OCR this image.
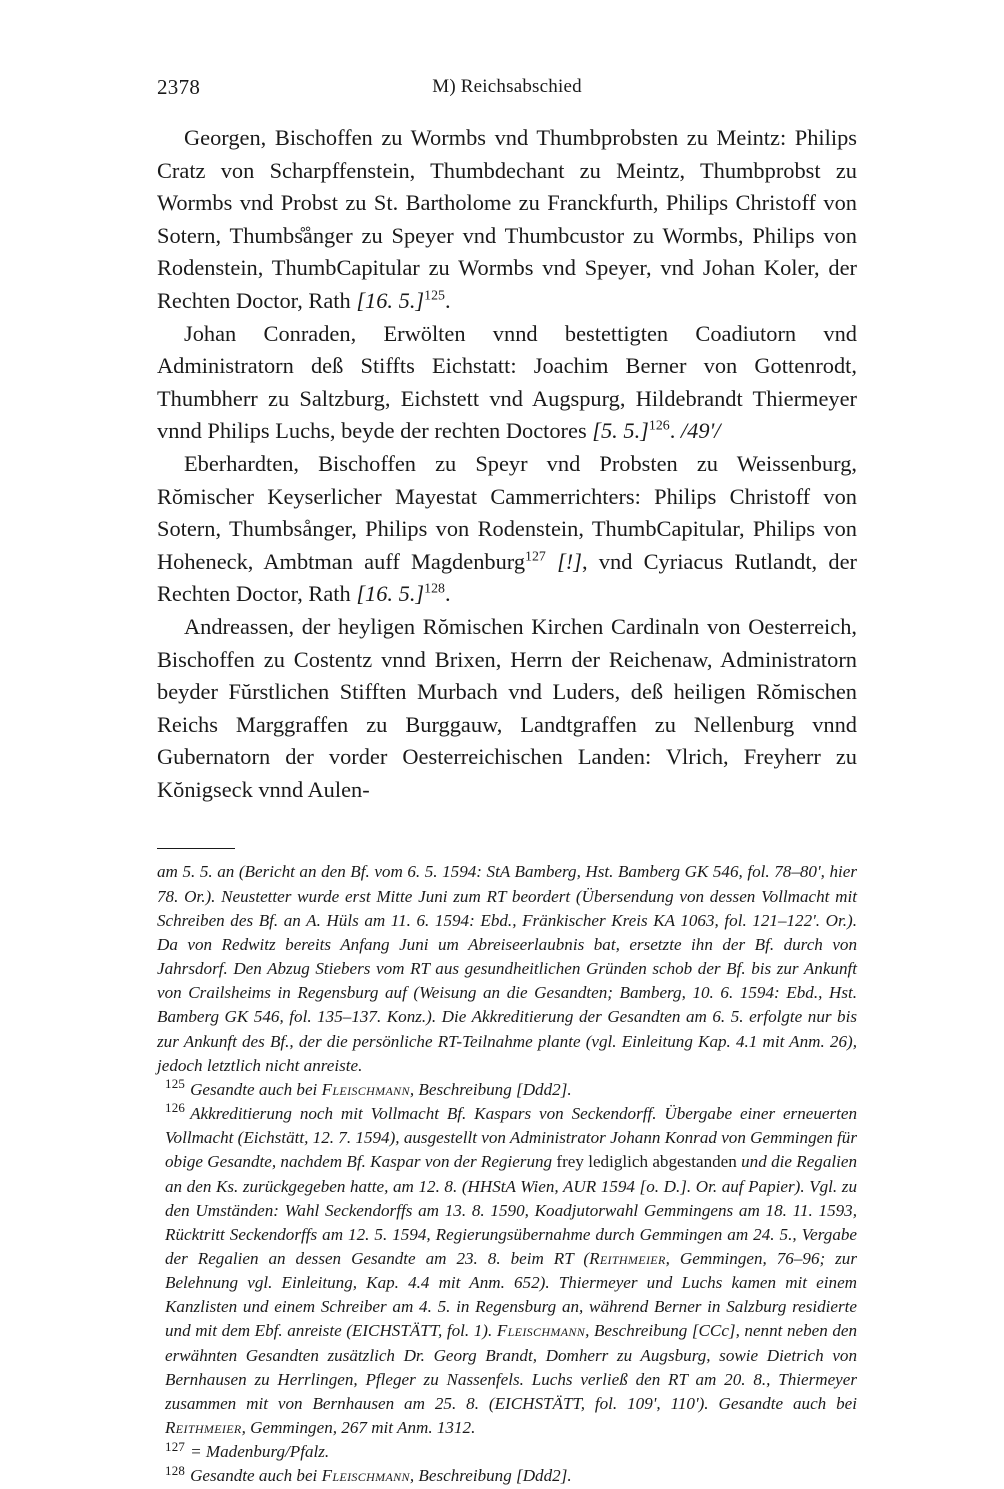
2378	M) Reichsabschied

Georgen, Bischoffen zu Wormbs vnd Thumbprobsten zu Meintz: Philips Cratz von Scharpffenstein, Thumbdechant zu Meintz, Thumbprobst zu Wormbs vnd Probst zu St. Bartholome zu Franckfurth, Philips Christoff von Sotern, Thumbs̊ånger zu Speyer vnd Thumbcustor zu Wormbs, Philips von Rodenstein, ThumbCapitular zu Wormbs vnd Speyer, vnd Johan Koler, der Rechten Doctor, Rath [16. 5.]$^{125}$.

Johan Conraden, Erwölten vnnd bestettigten Coadiutorn vnd Administratorn deß Stiffts Eichstatt: Joachim Berner von Gottenrodt, Thumbherr zu Saltzburg, Eichstett vnd Augspurg, Hildebrandt Thiermeyer vnnd Philips Luchs, beyde der rechten Doctores [5. 5.]$^{126}$. /49'/

Eberhardten, Bischoffen zu Speyr vnd Probsten zu Weissenburg, Rŏmischer Keyserlicher Mayestat Cammerrichters: Philips Christoff von Sotern, Thumbsånger, Philips von Rodenstein, ThumbCapitular, Philips von Hoheneck, Ambtman auff Magdenburg$^{127}$ [!], vnd Cyriacus Rutlandt, der Rechten Doctor, Rath [16. 5.]$^{128}$.

Andreassen, der heyligen Rŏmischen Kirchen Cardinaln von Oesterreich, Bischoffen zu Costentz vnnd Brixen, Herrn der Reichenaw, Administratorn beyder Fŭrstlichen Stifften Murbach vnd Luders, deß heiligen Rŏmischen Reichs Marggraffen zu Burggauw, Landtgraffen zu Nellenburg vnnd Gubernatorn der vorder Oesterreichischen Landen: Vlrich, Freyherr zu Kŏnigseck vnnd Aulen-

am 5. 5. an (Bericht an den Bf. vom 6. 5. 1594: StA Bamberg, Hst. Bamberg GK 546, fol. 78–80', hier 78. Or.). Neustetter wurde erst Mitte Juni zum RT beordert (Übersendung von dessen Vollmacht mit Schreiben des Bf. an A. Hüls am 11. 6. 1594: Ebd., Fränkischer Kreis KA 1063, fol. 121–122'. Or.). Da von Redwitz bereits Anfang Juni um Abreiseerlaubnis bat, ersetzte ihn der Bf. durch von Jahrsdorf. Den Abzug Stiebers vom RT aus gesundheitlichen Gründen schob der Bf. bis zur Ankunft von Crailsheims in Regensburg auf (Weisung an die Gesandten; Bamberg, 10. 6. 1594: Ebd., Hst. Bamberg GK 546, fol. 135–137. Konz.). Die Akkreditierung der Gesandten am 6. 5. erfolgte nur bis zur Ankunft des Bf., der die persönliche RT-Teilnahme plante (vgl. Einleitung Kap. 4.1 mit Anm. 26), jedoch letztlich nicht anreiste.

$^{125}$ Gesandte auch bei Fleischmann, Beschreibung [Ddd2].

$^{126}$ Akkreditierung noch mit Vollmacht Bf. Kaspars von Seckendorff. Übergabe einer erneuerten Vollmacht (Eichstätt, 12. 7. 1594), ausgestellt von Administrator Johann Konrad von Gemmingen für obige Gesandte, nachdem Bf. Kaspar von der Regierung frey lediglich abgestanden und die Regalien an den Ks. zurückgegeben hatte, am 12. 8. (HHStA Wien, AUR 1594 [o. D.]. Or. auf Papier). Vgl. zu den Umständen: Wahl Seckendorffs am 13. 8. 1590, Koadjutorwahl Gemmingens am 18. 11. 1593, Rücktritt Seckendorffs am 12. 5. 1594, Regierungsübernahme durch Gemmingen am 24. 5., Vergabe der Regalien an dessen Gesandte am 23. 8. beim RT (Reithmeier, Gemmingen, 76–96; zur Belehnung vgl. Einleitung, Kap. 4.4 mit Anm. 652). Thiermeyer und Luchs kamen mit einem Kanzlisten und einem Schreiber am 4. 5. in Regensburg an, während Berner in Salzburg residierte und mit dem Ebf. anreiste (EICHSTÄTT, fol. 1). Fleischmann, Beschreibung [CCc], nennt neben den erwähnten Gesandten zusätzlich Dr. Georg Brandt, Domherr zu Augsburg, sowie Dietrich von Bernhausen zu Herrlingen, Pfleger zu Nassenfels. Luchs verließ den RT am 20. 8., Thiermeyer zusammen mit von Bernhausen am 25. 8. (EICHSTÄTT, fol. 109', 110'). Gesandte auch bei Reithmeier, Gemmingen, 267 mit Anm. 1312.

$^{127}$ = Madenburg/Pfalz.

$^{128}$ Gesandte auch bei Fleischmann, Beschreibung [Ddd2].
